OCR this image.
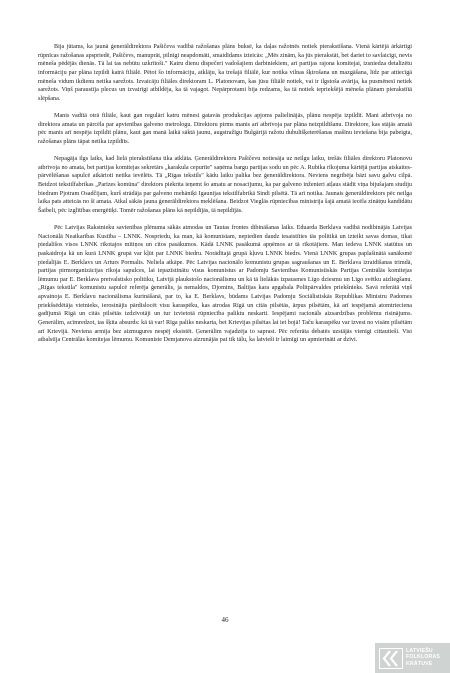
Bija jūtams, ka jaunā ģenerāldirektora Pašičeva vadībā ražošanas plāns buksē, ka daļas ražotnēs notiek pierakstīšana. Vienā kārtējā ārkārtīgi rūpnīcas ražošanas apspriedē, Pašičevs, manuprāt, pilnīgi neapdomāti, smaidīdams izteicās: „Mēs zinām, ka jūs pierakstāt, bet dariet to savlaicīgi, nevis mēneša pēdējās dienās. Tā lai tas nebūtu uzkrītoši." Katru dienu dispečeri vadošajiem darbiniekiem, arī partijas rajona komitejai, izsniedza detalizētu informāciju par plāna izpildi katrā filiālē. Pētot šo informāciju, atklāju, ka trešajā filiālē, kur notika vilnas šķirošana un mazgāšana, līdz par attiecīgā mēneša vidum ikdienu netika sarežots. Izvaicāju filiāles direktoram L. Platonovam, kas jūsu filiālē notiek, vai ir ilgstoša avārija, ka pusmēnesī netiek sarežots. Viņš paraustīja plecus un izvairīgi atbildēja, ka tā vajagot. Nepārprotami bija redzams, ka tā notiek iepriekšējā mēneša plānam pierakstītā slēpšana.

Manis vadītā otrā filiāle, kaut gan regulāri katru mēnesi gatavās produkcijas apjoms palielinājās, plānu nespēja izpildīt. Mani atbrīvoja no direktora amata un pārcēla par apvienības galveno metrologu. Direktoru pirms manis arī atbrīvoja par plāna neizpildīšanu. Direktore, kas stājās amatā pēc manis arī nespēja izpildīt plānu, kaut gan manā laikā sāktā jaunu, augstražīgu Bulgārijā ražotu dubultšķeterēšanas mašīnu ieviešana bija pabeigta, ražošanas plāns tāpat netika izpildīts.

Nepagāja ilgs laiks, kad lielā pierakstīšana tika atklāta. Ģenerāldirektoru Pašičevu notiesāja uz neilgu laiku, trešās filiāles direktoru Platonovu atbrīvoja no amata, bet partijas komitejas sekretārs „karakula cepurīte" saņēma bargu partijas sodu un pēc A. Rubika rīkojuma kārtējā partijas atskaites-pārvēlēšanas sapulcē atkārtoti netika ievēlēts. Tā „Rīgas tekstils" kādu laiku palika bez ģenerāldirektora. Neviens negribēja bāzt savu galvu cilpā. Beidzot tekstilfabrikas „Parīzes komūna" direktors piekrita ieņemt šo amatu ar nosacījumu, ka par galveno inženieri atļaus stādīt viņa bijušajam studiju biedram Pjotram Osadčijam, kurš strādāja par galveno mehāniķi Igaunijas tekstilfabrikā Sindi pilsētā. Tā arī notika. Jaunais ģenerāldirektors pēc neilga laika pats atteicās no šī amata. Atkal sākās jauna ģenerāldirektora meklēšana. Beidzot Vieglās rūpniecības ministrija šajā amatā iecēla zinātņu kandidātu Šaibeli, pēc izglītības energētiķi. Tomēr ražošanas plāns kā nepildījās, tā nepildījās.

Pēc Latvijas Rakstnieku savienības plēnuma sākās atmodas un Tautas frontes dibināšanas laiks. Eduarda Berklava vadībā nodibinājās Latvijas Nacionālā Neatkarības Kustība – LNNK. Nospriedu, ka man, kā komunistam, nepiedien daudz iesaistīties tās politikā un izteikt savas domas, tikai piedalīšos visos LNNK rīkotajos mītiņos un citos pasākumos. Kādā LNNK pasākumā apņēmos ar tā rīkotājiem. Man iedeva LNNK statūtus un paskaidroja kā un kurā LNNK grupā var kļūt par LNNK biedru. Norādītajā grupā kļuvu LNNK biedrs. Vienā LNNK grupas paplašinātā sanāksmē piedalījās E. Berklavs un Arturs Pormalis. Neliela atkāpe. Pēc Latvijas nacionālo komunistu grupas sagraušanas un E. Berklava izraidīšanas trimdā, partijas pirmorganizācijas rīkoja sapulces, lai iepazīstinātu visus komunistus ar Padomju Savienības Komunistiskās Partijas Centrālās komitejas lēmumu par E. Berklava pretvalstisko politiku, Latvijā plaukstošo nacionālismu un kā tā lielākās izpausmes Līgo dziesmu un Līgo svētku aizliegšanu. „Rīgas tekstila" komunistu sapulcē referēja ģenerālis, ja nemaldos, Djomins, Baltijas kara apgabala Politpārvaldes priekšnieks. Savā referātā viņš apvainoja E. Berklavu nacionālisma kurināšanā, par to, ka E. Berklavs, būdams Latvijas Padomju Sociālistiskās Republikas Ministru Padomes priekšsēdētāja vietnieks, ierosinājis pārdislocēt visu karaspēku, kas atrodas Rīgā un citās pilsētās, ārpus pilsētām, kā arī iespējamā atomtrieciena gadījumā Rīgā un citās pilsētās izdzīvotāji un tur izvietotā rūpniecība paliktu neskarti. Iespējami racionāls aizsardzības problēmu risinājums. Ģenerālim, acīmredzot, tas šķita absurds: kā tā var! Rīga paliks neskarta, bet Krievijas pilsētas lai iet bojā! Taču karaspēku var izvest no visām pilsētām arī Krievijā. Neviena armija bez aizmugures nespēj eksistēt. Ģenerālim vajadzēja to saprast. Pēc referāta debatēs uzstājās vienīgi cittautieši. Visi atbalstīja Centrālās komitejas lēmumu. Komuniste Demjanova aizrunājās pat tik tālu, ka latvieši ir laimīgi un apmierināti ar dzīvi.

46
LATVIEŠU
FOLKLORAS
KRĀTUVE
